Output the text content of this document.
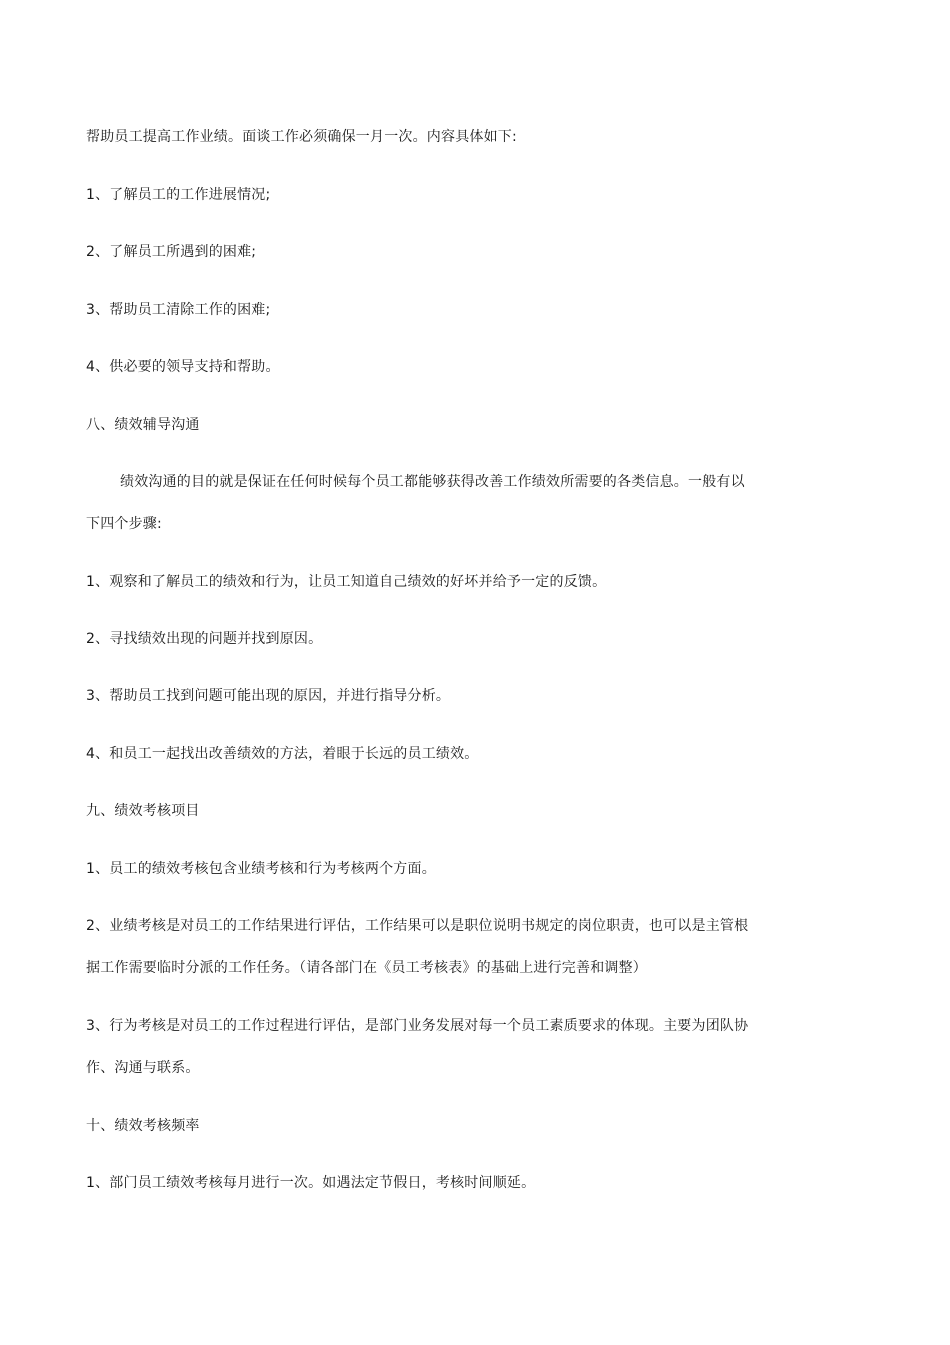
帮助员工提高工作业绩。面谈工作必须确保一月一次。内容具体如下:
1、了解员工的工作进展情况;
2、了解员工所遇到的困难;
3、帮助员工清除工作的困难;
4、供必要的领导支持和帮助。
八、绩效辅导沟通
绩效沟通的目的就是保证在任何时候每个员工都能够获得改善工作绩效所需要的各类信息。一般有以
下四个步骤:
1、观察和了解员工的绩效和行为，让员工知道自己绩效的好坏并给予一定的反馈。
2、寻找绩效出现的问题并找到原因。
3、帮助员工找到问题可能出现的原因，并进行指导分析。
4、和员工一起找出改善绩效的方法，着眼于长远的员工绩效。
九、绩效考核项目
1、员工的绩效考核包含业绩考核和行为考核两个方面。
2、业绩考核是对员工的工作结果进行评估，工作结果可以是职位说明书规定的岗位职责，也可以是主管根
据工作需要临时分派的工作任务。（请各部门在《员工考核表》的基础上进行完善和调整）
3、行为考核是对员工的工作过程进行评估，是部门业务发展对每一个员工素质要求的体现。主要为团队协
作、沟通与联系。
十、绩效考核频率
1、部门员工绩效考核每月进行一次。如遇法定节假日，考核时间顺延。
